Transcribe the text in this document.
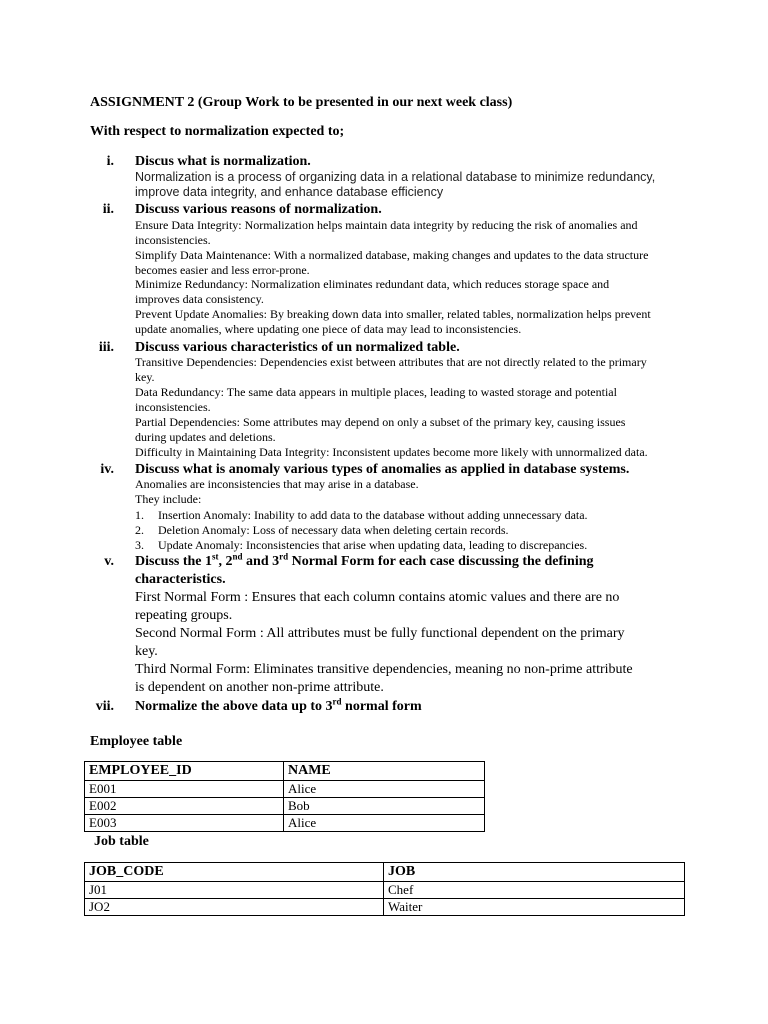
ASSIGNMENT 2 (Group Work to be presented in our next week class)
With respect to normalization expected to;
i. Discus what is normalization.
Normalization is a process of organizing data in a relational database to minimize redundancy,
improve data integrity, and enhance database efficiency
ii. Discuss various reasons of normalization.
Ensure Data Integrity: Normalization helps maintain data integrity by reducing the risk of anomalies and
inconsistencies.
Simplify Data Maintenance: With a normalized database, making changes and updates to the data structure
becomes easier and less error-prone.
Minimize Redundancy: Normalization eliminates redundant data, which reduces storage space and
improves data consistency.
Prevent Update Anomalies: By breaking down data into smaller, related tables, normalization helps prevent
update anomalies, where updating one piece of data may lead to inconsistencies.
iii. Discuss various characteristics of un normalized table.
Transitive Dependencies: Dependencies exist between attributes that are not directly related to the primary
key.
Data Redundancy: The same data appears in multiple places, leading to wasted storage and potential
inconsistencies.
Partial Dependencies: Some attributes may depend on only a subset of the primary key, causing issues
during updates and deletions.
Difficulty in Maintaining Data Integrity: Inconsistent updates become more likely with unnormalized data.
iv. Discuss what is anomaly various types of anomalies as applied in database systems.
Anomalies are inconsistencies that may arise in a database.
They include:
1. Insertion Anomaly: Inability to add data to the database without adding unnecessary data.
2. Deletion Anomaly: Loss of necessary data when deleting certain records.
3. Update Anomaly: Inconsistencies that arise when updating data, leading to discrepancies.
v. Discuss the 1st, 2nd and 3rd Normal Form for each case discussing the defining
characteristics.
First Normal Form : Ensures that each column contains atomic values and there are no
repeating groups.
Second Normal Form : All attributes must be fully functional dependent on the primary
key.
Third Normal Form: Eliminates transitive dependencies, meaning no non-prime attribute
is dependent on another non-prime attribute.
vii. Normalize the above data up to 3rd normal form
Employee table
EMPLOYEE_ID	NAME
E001	Alice
E002	Bob
E003	Alice
Job table
JOB_CODE	JOB
J01	Chef
JO2	Waiter
